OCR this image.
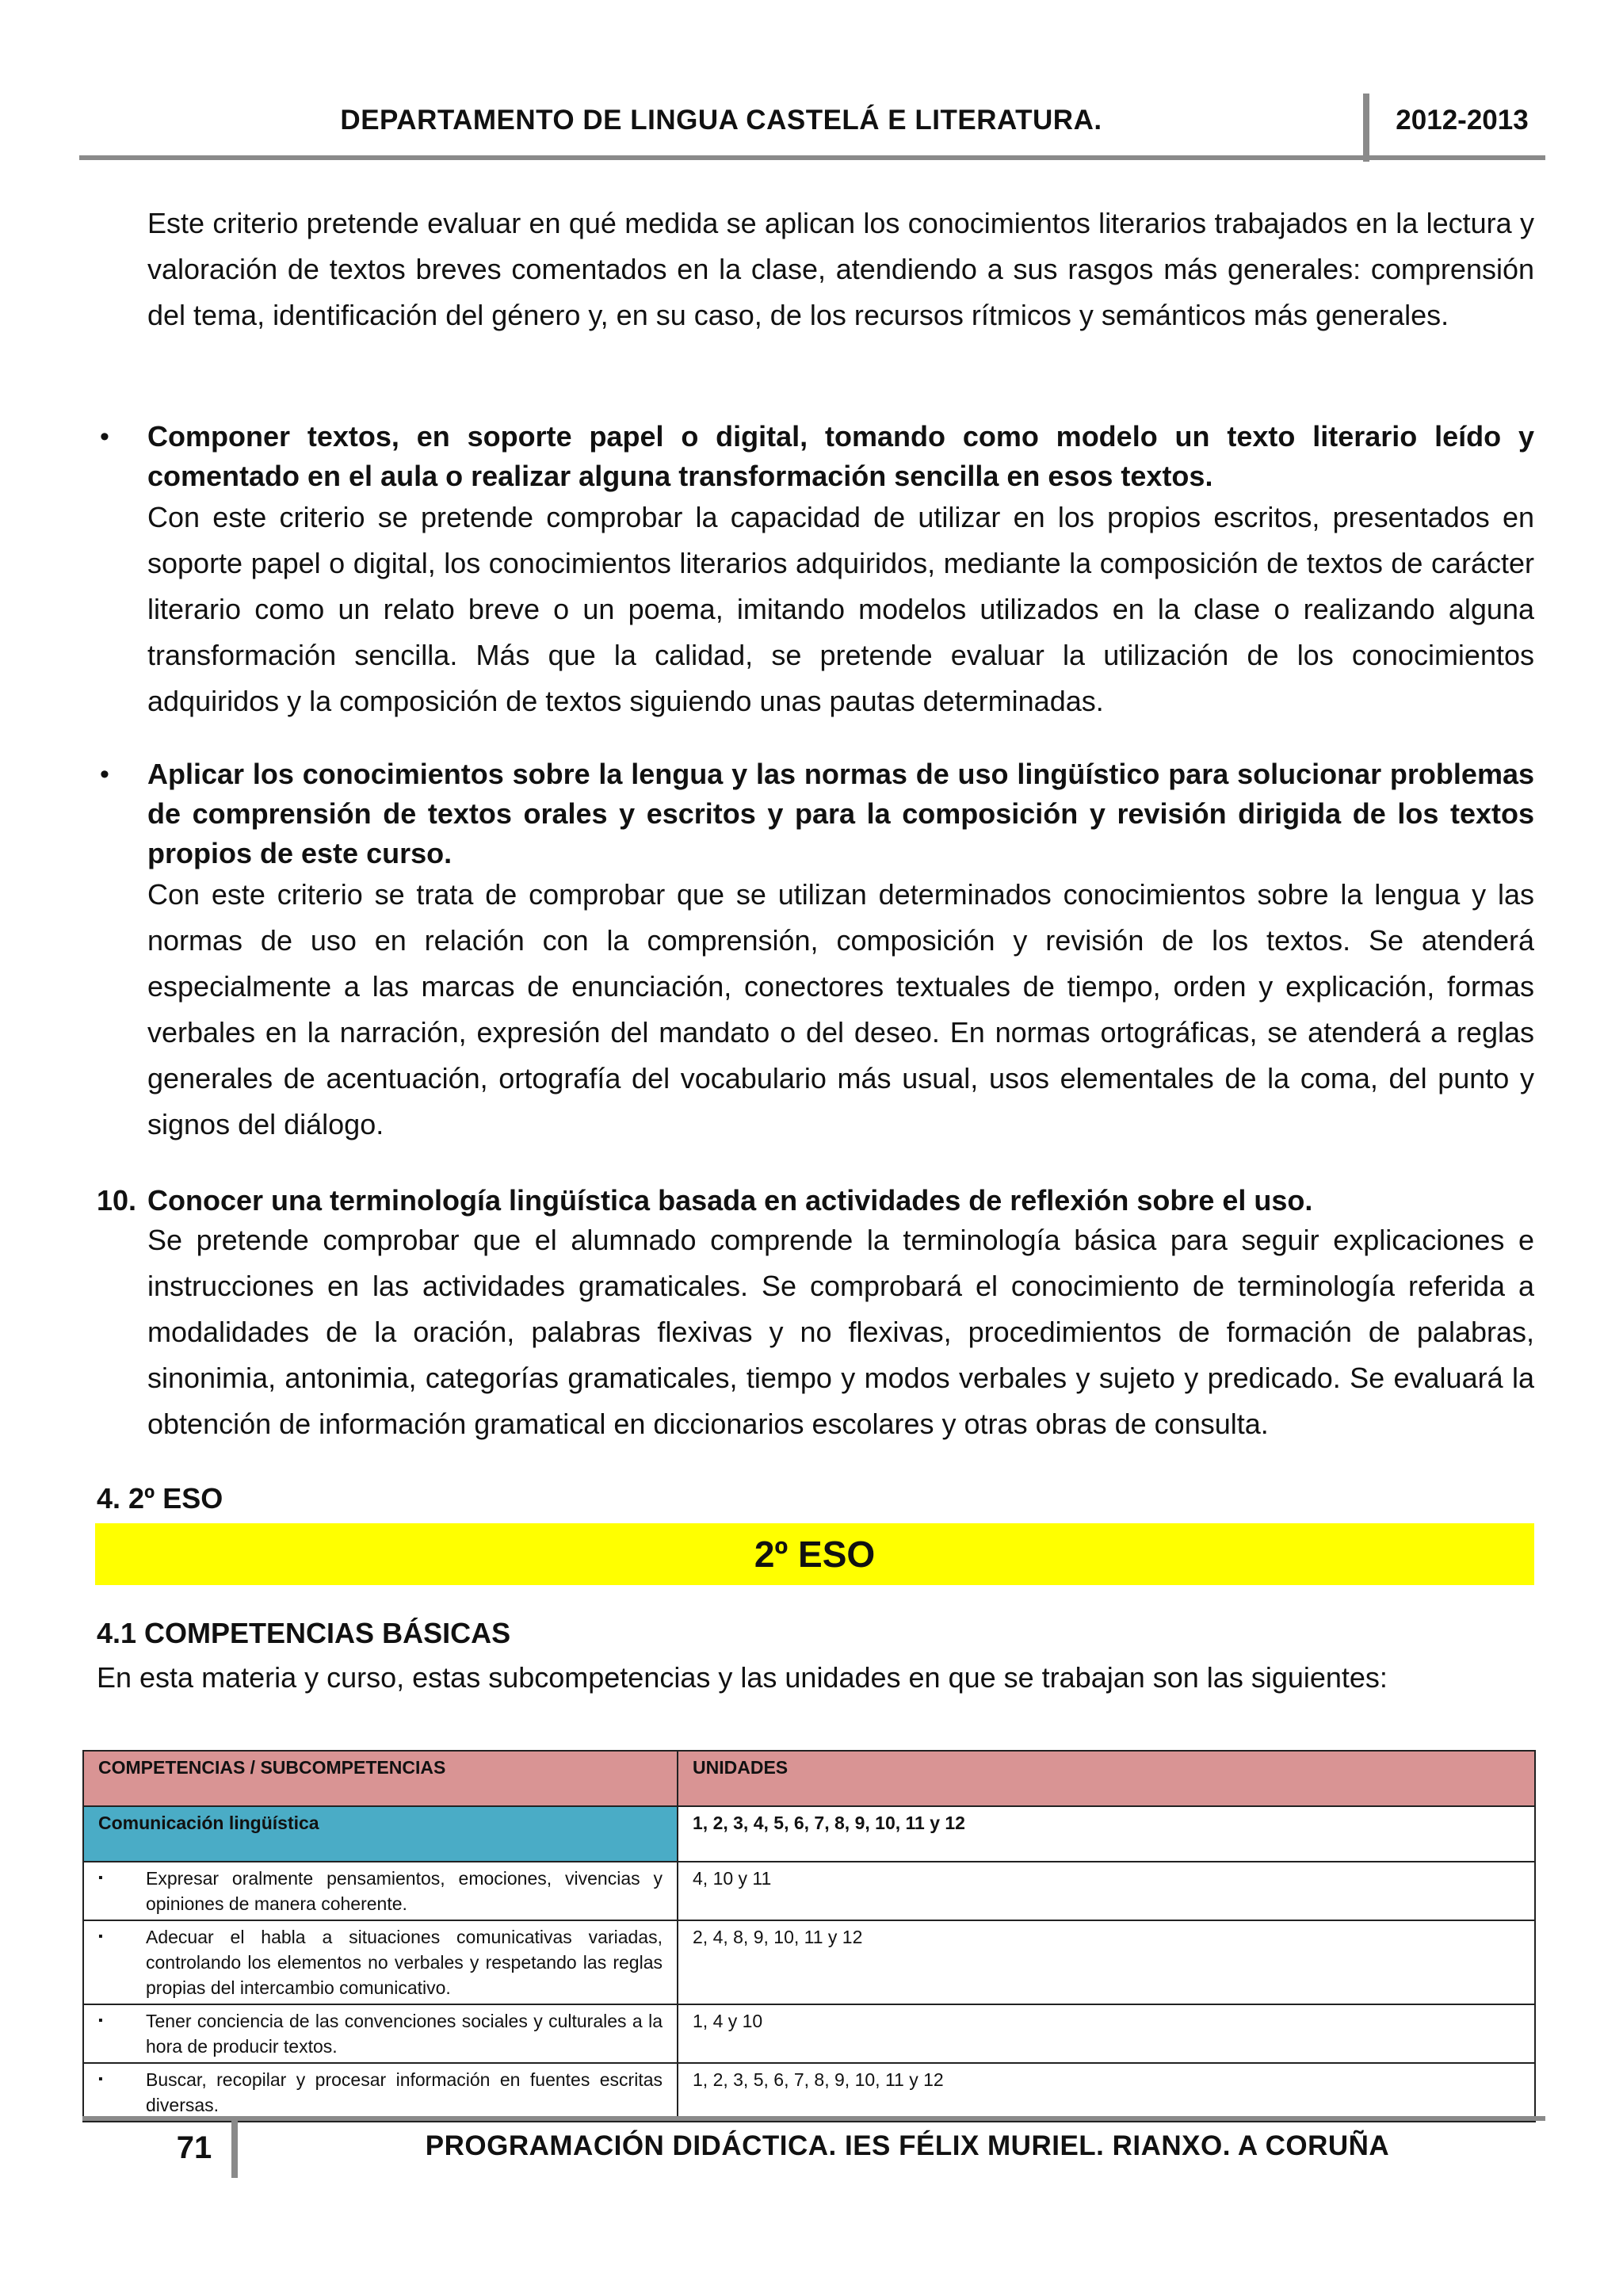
DEPARTAMENTO DE LINGUA CASTELÁ E LITERATURA.	2012-2013
Este criterio pretende evaluar en qué medida se aplican los conocimientos literarios trabajados en la lectura y valoración de textos breves comentados en la clase, atendiendo a sus rasgos más generales: comprensión del tema, identificación del género y, en su caso, de los recursos rítmicos y semánticos más generales.
• Componer textos, en soporte papel o digital, tomando como modelo un texto literario leído y comentado en el aula o realizar alguna transformación sencilla en esos textos.
Con este criterio se pretende comprobar la capacidad de utilizar en los propios escritos, presentados en soporte papel o digital, los conocimientos literarios adquiridos, mediante la composición de textos de carácter literario como un relato breve o un poema, imitando modelos utilizados en la clase o realizando alguna transformación sencilla. Más que la calidad, se pretende evaluar la utilización de los conocimientos adquiridos y la composición de textos siguiendo unas pautas determinadas.
• Aplicar los conocimientos sobre la lengua y las normas de uso lingüístico para solucionar problemas de comprensión de textos orales y escritos y para la composición y revisión dirigida de los textos propios de este curso.
Con este criterio se trata de comprobar que se utilizan determinados conocimientos sobre la lengua y las normas de uso en relación con la comprensión, composición y revisión de los textos. Se atenderá especialmente a las marcas de enunciación, conectores textuales de tiempo, orden y explicación, formas verbales en la narración, expresión del mandato o del deseo. En normas ortográficas, se atenderá a reglas generales de acentuación, ortografía del vocabulario más usual, usos elementales de la coma, del punto y signos del diálogo.
10. Conocer una terminología lingüística basada en actividades de reflexión sobre el uso.
Se pretende comprobar que el alumnado comprende la terminología básica para seguir explicaciones e instrucciones en las actividades gramaticales. Se comprobará el conocimiento de terminología referida a modalidades de la oración, palabras flexivas y no flexivas, procedimientos de formación de palabras, sinonimia, antonimia, categorías gramaticales, tiempo y modos verbales y sujeto y predicado. Se evaluará la obtención de información gramatical en diccionarios escolares y otras obras de consulta.
4. 2º ESO
2º ESO
4.1 COMPETENCIAS BÁSICAS
En esta materia y curso, estas subcompetencias y las unidades en que se trabajan son las siguientes:
COMPETENCIAS / SUBCOMPETENCIAS	UNIDADES
Comunicación lingüística	1, 2, 3, 4, 5, 6, 7, 8, 9, 10, 11 y 12

▪ Expresar oralmente pensamientos, emociones, vivencias y opiniones de manera coherente.	4, 10 y 11

▪ Adecuar el habla a situaciones comunicativas variadas, controlando los elementos no verbales y respetando las reglas propias del intercambio comunicativo.	2, 4, 8, 9, 10, 11 y 12

▪ Tener conciencia de las convenciones sociales y culturales a la hora de producir textos.	1, 4 y 10

▪ Buscar, recopilar y procesar información en fuentes escritas diversas.	1, 2, 3, 5, 6, 7, 8, 9, 10, 11 y 12
71	PROGRAMACIÓN DIDÁCTICA. IES FÉLIX MURIEL. RIANXO. A CORUÑA
